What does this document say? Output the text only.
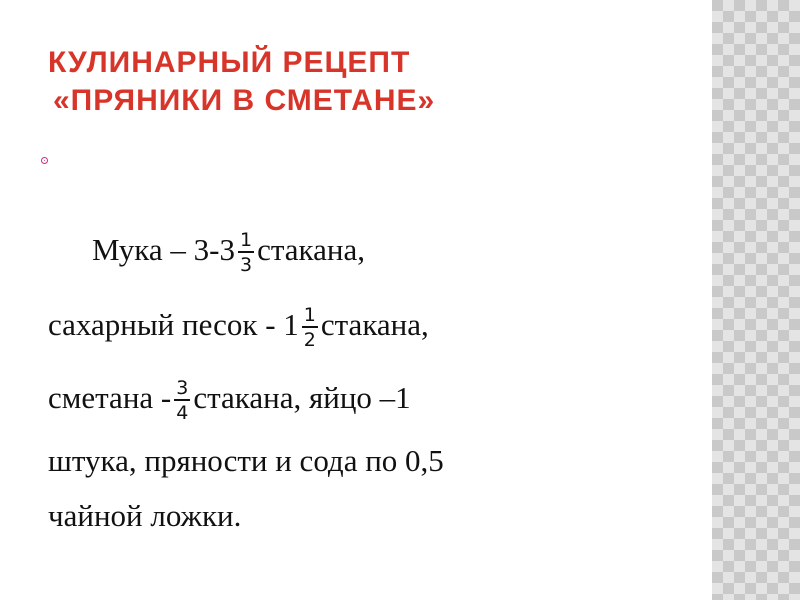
КУЛИНАРНЫЙ РЕЦЕПТ
«ПРЯНИКИ В СМЕТАНЕ»
Мука – $3-3 \frac{1}{3}$ стакана,
сахарный песок - $1 \frac{1}{2}$ стакана,
сметана - $\frac{3}{4}$ стакана, яйцо –1
штука, пряности и сода по 0,5
чайной ложки.
